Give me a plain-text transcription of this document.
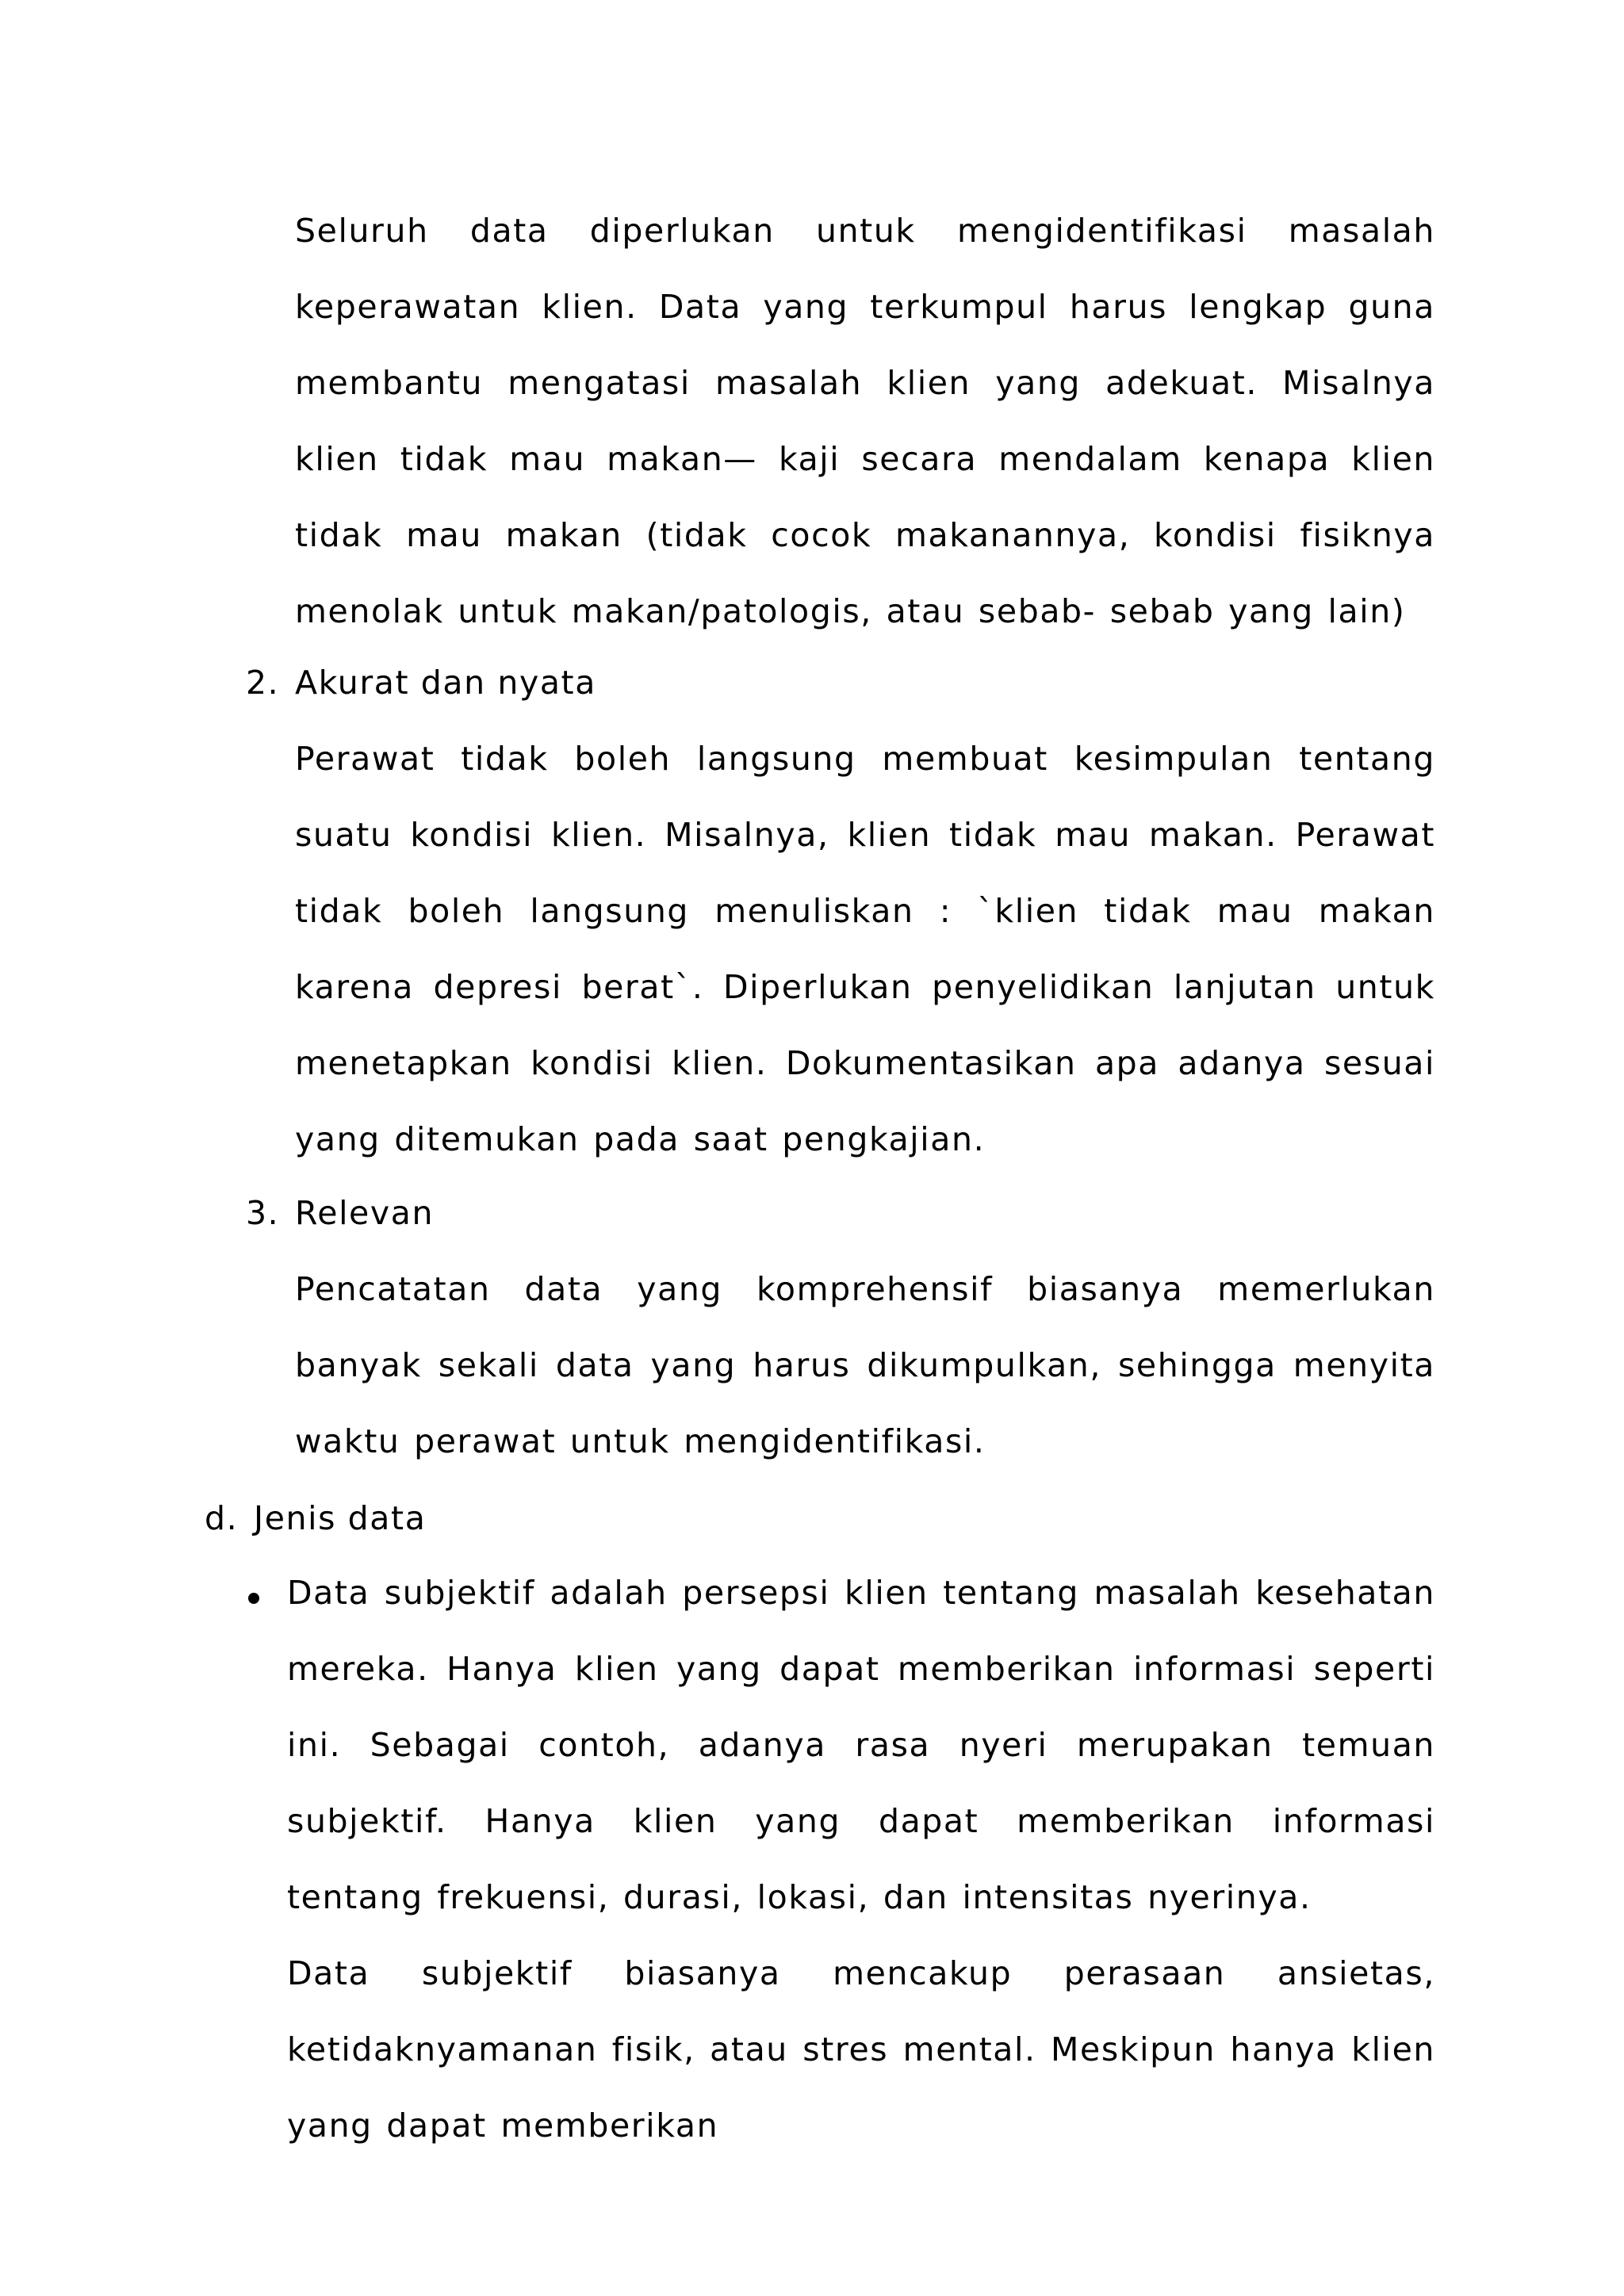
Seluruh data diperlukan untuk mengidentifikasi masalah keperawatan klien. Data yang terkumpul harus lengkap guna membantu mengatasi masalah klien yang adekuat. Misalnya klien tidak mau makan— kaji secara mendalam kenapa klien tidak mau makan (tidak cocok makanannya, kondisi fisiknya menolak untuk makan/patologis, atau sebab- sebab yang lain)

2. Akurat dan nyata

Perawat tidak boleh langsung membuat kesimpulan tentang suatu kondisi klien. Misalnya, klien tidak mau makan. Perawat tidak boleh langsung menuliskan : `klien tidak mau makan karena depresi berat`. Diperlukan penyelidikan lanjutan untuk menetapkan kondisi klien. Dokumentasikan apa adanya sesuai yang ditemukan pada saat pengkajian.

3. Relevan

Pencatatan data yang komprehensif biasanya memerlukan banyak sekali data yang harus dikumpulkan, sehingga menyita waktu perawat untuk mengidentifikasi.

d. Jenis data

Data subjektif adalah persepsi klien tentang masalah kesehatan mereka. Hanya klien yang dapat memberikan informasi seperti ini. Sebagai contoh, adanya rasa nyeri merupakan temuan subjektif. Hanya klien yang dapat memberikan informasi tentang frekuensi, durasi, lokasi, dan intensitas nyerinya.

Data subjektif biasanya mencakup perasaan ansietas, ketidaknyamanan fisik, atau stres mental. Meskipun hanya klien yang dapat memberikan
